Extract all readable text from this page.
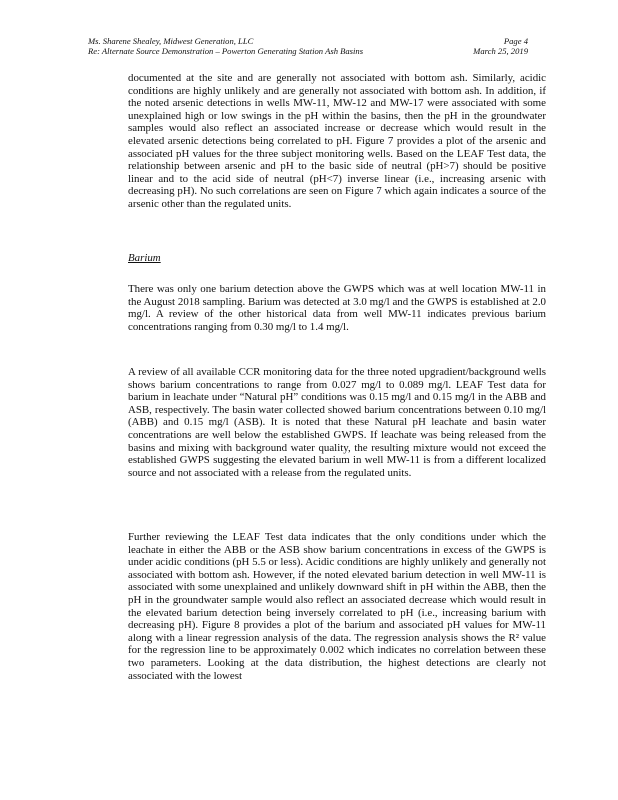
Ms. Sharene Shealey, Midwest Generation, LLC	Page 4
Re: Alternate Source Demonstration – Powerton Generating Station Ash Basins	March 25, 2019

documented at the site and are generally not associated with bottom ash. Similarly, acidic conditions are highly unlikely and are generally not associated with bottom ash. In addition, if the noted arsenic detections in wells MW-11, MW-12 and MW-17 were associated with some unexplained high or low swings in the pH within the basins, then the pH in the groundwater samples would also reflect an associated increase or decrease which would result in the elevated arsenic detections being correlated to pH. Figure 7 provides a plot of the arsenic and associated pH values for the three subject monitoring wells. Based on the LEAF Test data, the relationship between arsenic and pH to the basic side of neutral (pH>7) should be positive linear and to the acid side of neutral (pH<7) inverse linear (i.e., increasing arsenic with decreasing pH). No such correlations are seen on Figure 7 which again indicates a source of the arsenic other than the regulated units.

Barium

There was only one barium detection above the GWPS which was at well location MW-11 in the August 2018 sampling. Barium was detected at 3.0 mg/l and the GWPS is established at 2.0 mg/l. A review of the other historical data from well MW-11 indicates previous barium concentrations ranging from 0.30 mg/l to 1.4 mg/l.

A review of all available CCR monitoring data for the three noted upgradient/background wells shows barium concentrations to range from 0.027 mg/l to 0.089 mg/l. LEAF Test data for barium in leachate under “Natural pH” conditions was 0.15 mg/l and 0.15 mg/l in the ABB and ASB, respectively. The basin water collected showed barium concentrations between 0.10 mg/l (ABB) and 0.15 mg/l (ASB). It is noted that these Natural pH leachate and basin water concentrations are well below the established GWPS. If leachate was being released from the basins and mixing with background water quality, the resulting mixture would not exceed the established GWPS suggesting the elevated barium in well MW-11 is from a different localized source and not associated with a release from the regulated units.

Further reviewing the LEAF Test data indicates that the only conditions under which the leachate in either the ABB or the ASB show barium concentrations in excess of the GWPS is under acidic conditions (pH 5.5 or less). Acidic conditions are highly unlikely and generally not associated with bottom ash. However, if the noted elevated barium detection in well MW-11 is associated with some unexplained and unlikely downward shift in pH within the ABB, then the pH in the groundwater sample would also reflect an associated decrease which would result in the elevated barium detection being inversely correlated to pH (i.e., increasing barium with decreasing pH). Figure 8 provides a plot of the barium and associated pH values for MW-11 along with a linear regression analysis of the data. The regression analysis shows the R² value for the regression line to be approximately 0.002 which indicates no correlation between these two parameters. Looking at the data distribution, the highest detections are clearly not associated with the lowest
